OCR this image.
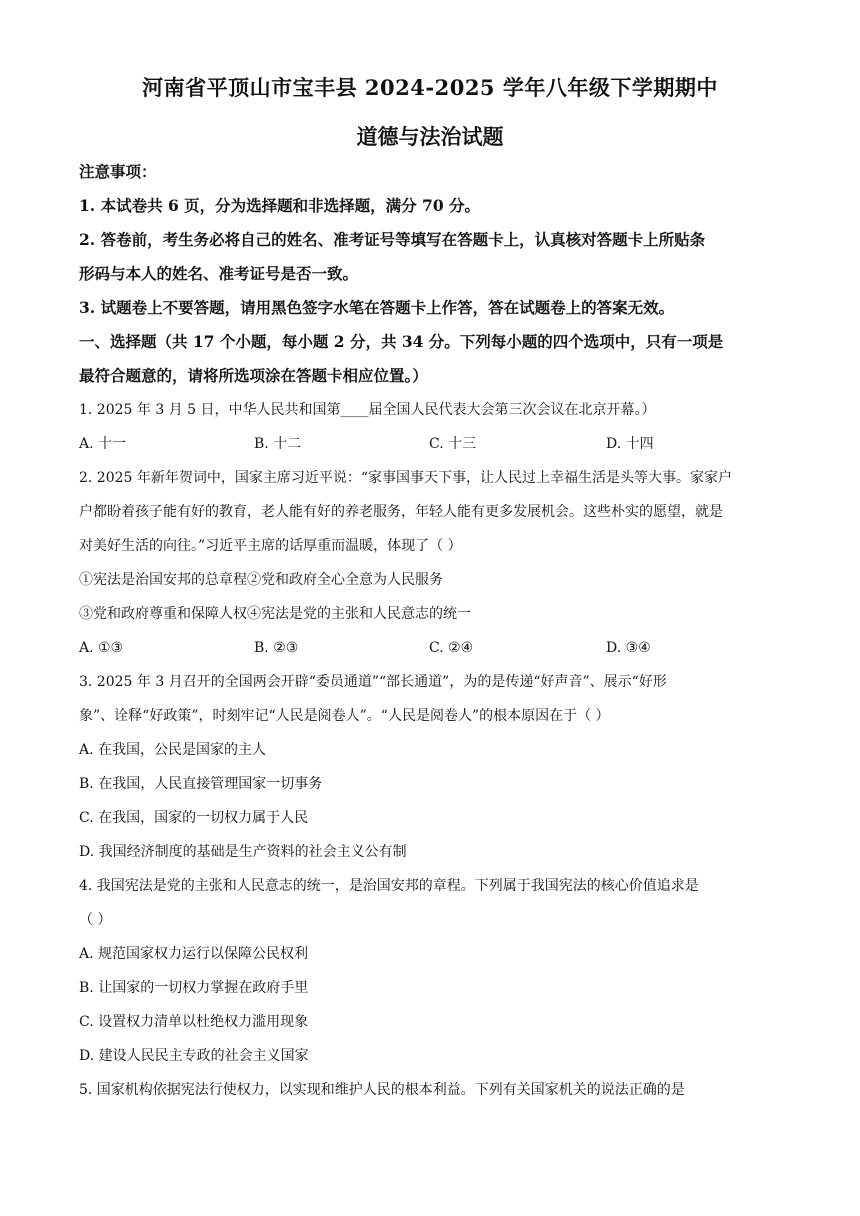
河南省平顶山市宝丰县 2024-2025 学年八年级下学期期中
道德与法治试题
注意事项：
1. 本试卷共 6 页，分为选择题和非选择题，满分 70 分。
2. 答卷前，考生务必将自己的姓名、准考证号等填写在答题卡上，认真核对答题卡上所贴条
形码与本人的姓名、准考证号是否一致。
3. 试题卷上不要答题，请用黑色签字水笔在答题卡上作答，答在试题卷上的答案无效。
一、选择题（共 17 个小题，每小题 2 分，共 34 分。下列每小题的四个选项中，只有一项是
最符合题意的，请将所选项涂在答题卡相应位置。）
1. 2025 年 3 月 5 日，中华人民共和国第____届全国人民代表大会第三次会议在北京开幕。）
A. 十一	B. 十二	C. 十三	D. 十四
2. 2025 年新年贺词中，国家主席习近平说：“家事国事天下事，让人民过上幸福生活是头等大事。家家户
户都盼着孩子能有好的教育，老人能有好的养老服务，年轻人能有更多发展机会。这些朴实的愿望，就是
对美好生活的向往。”习近平主席的话厚重而温暖，体现了（ ）
①宪法是治国安邦的总章程②党和政府全心全意为人民服务
③党和政府尊重和保障人权④宪法是党的主张和人民意志的统一
A. ①③	B. ②③	C. ②④	D. ③④
3. 2025 年 3 月召开的全国两会开辟“委员通道”“部长通道”，为的是传递“好声音”、展示“好形
象”、诠释“好政策”，时刻牢记“人民是阅卷人”。“人民是阅卷人”的根本原因在于（ ）
A. 在我国，公民是国家的主人
B. 在我国，人民直接管理国家一切事务
C. 在我国，国家的一切权力属于人民
D. 我国经济制度的基础是生产资料的社会主义公有制
4. 我国宪法是党的主张和人民意志的统一，是治国安邦的章程。下列属于我国宪法的核心价值追求是
（ ）
A. 规范国家权力运行以保障公民权利
B. 让国家的一切权力掌握在政府手里
C. 设置权力清单以杜绝权力滥用现象
D. 建设人民民主专政的社会主义国家
5. 国家机构依据宪法行使权力，以实现和维护人民的根本利益。下列有关国家机关的说法正确的是
